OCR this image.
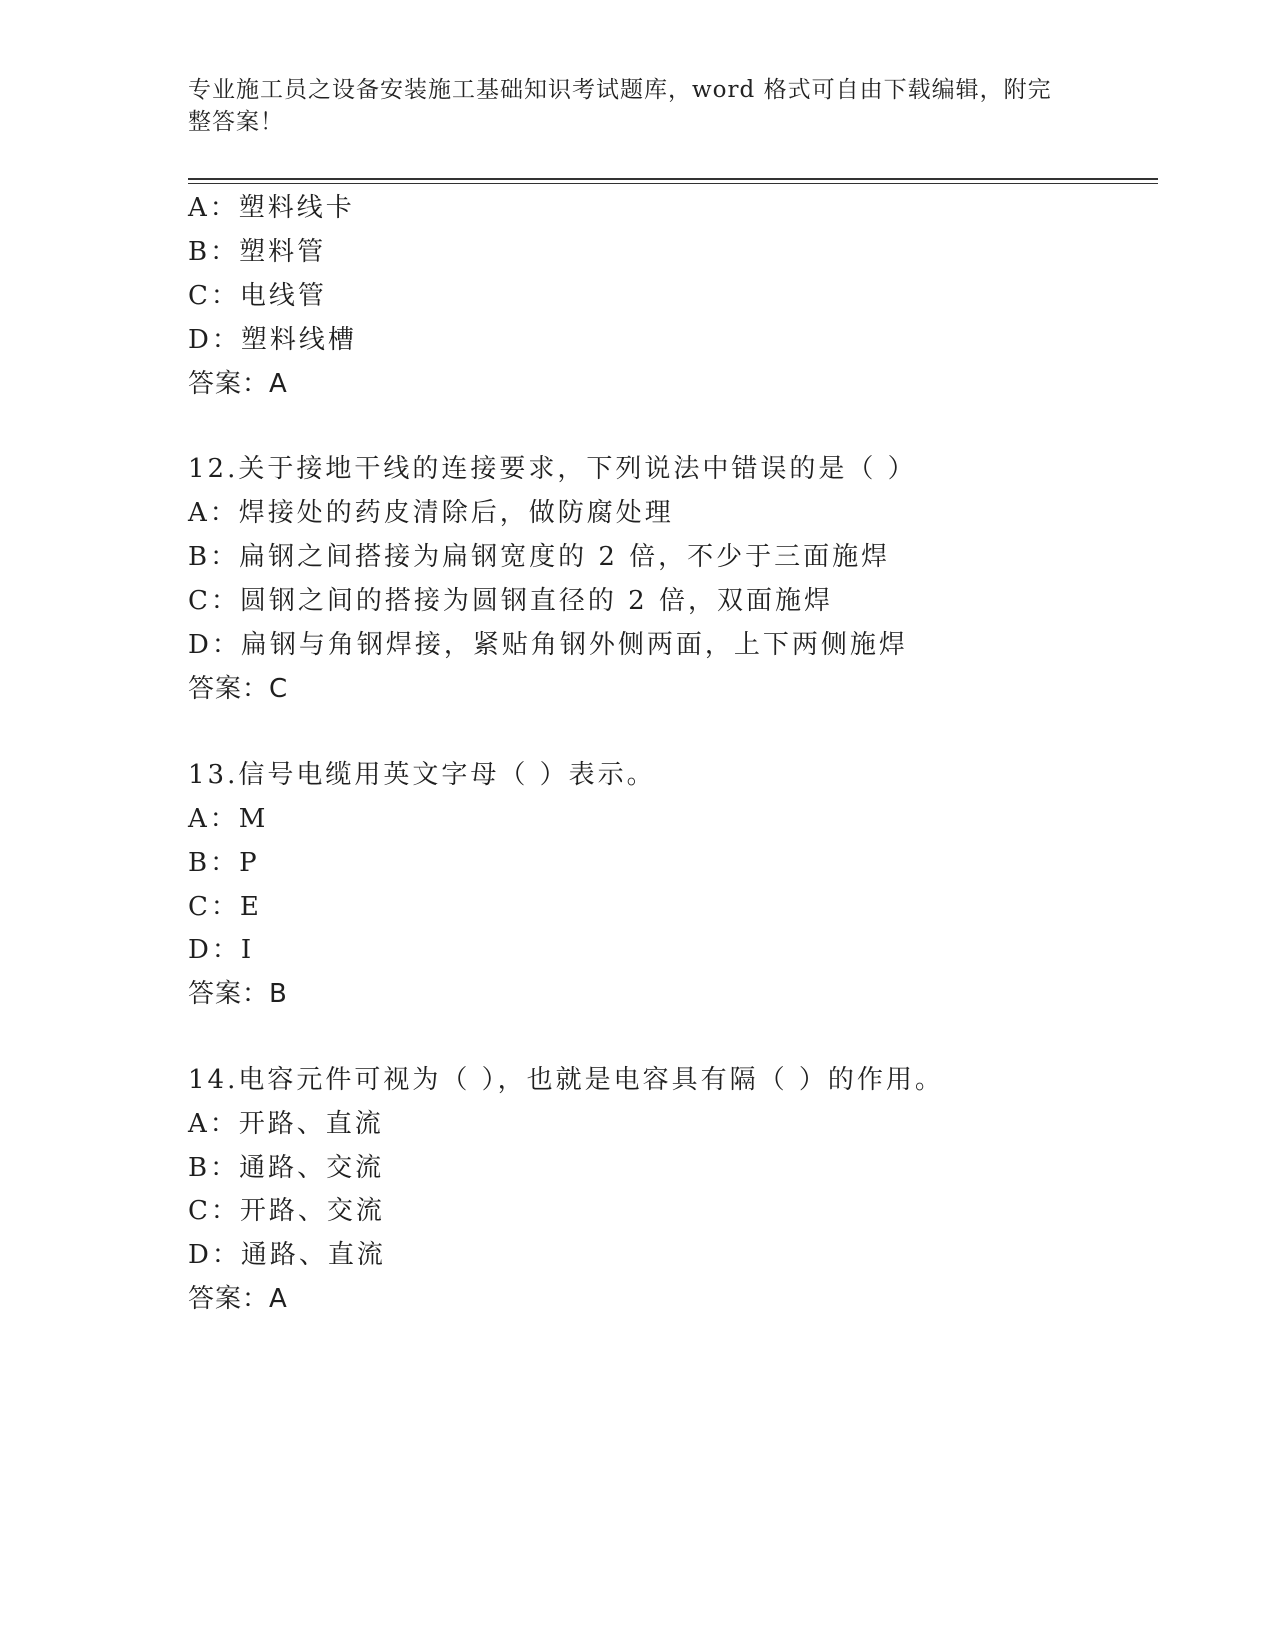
专业施工员之设备安装施工基础知识考试题库，word 格式可自由下载编辑，附完
整答案！
A：塑料线卡
B：塑料管
C：电线管
D：塑料线槽
答案：A
12.关于接地干线的连接要求，下列说法中错误的是（ ）
A：焊接处的药皮清除后，做防腐处理
B：扁钢之间搭接为扁钢宽度的 2 倍，不少于三面施焊
C：圆钢之间的搭接为圆钢直径的 2 倍，双面施焊
D：扁钢与角钢焊接，紧贴角钢外侧两面，上下两侧施焊
答案：C
13.信号电缆用英文字母（ ）表示。
A：M
B：P
C：E
D：I
答案：B
14.电容元件可视为（ ），也就是电容具有隔（ ）的作用。
A：开路、直流
B：通路、交流
C：开路、交流
D：通路、直流
答案：A
